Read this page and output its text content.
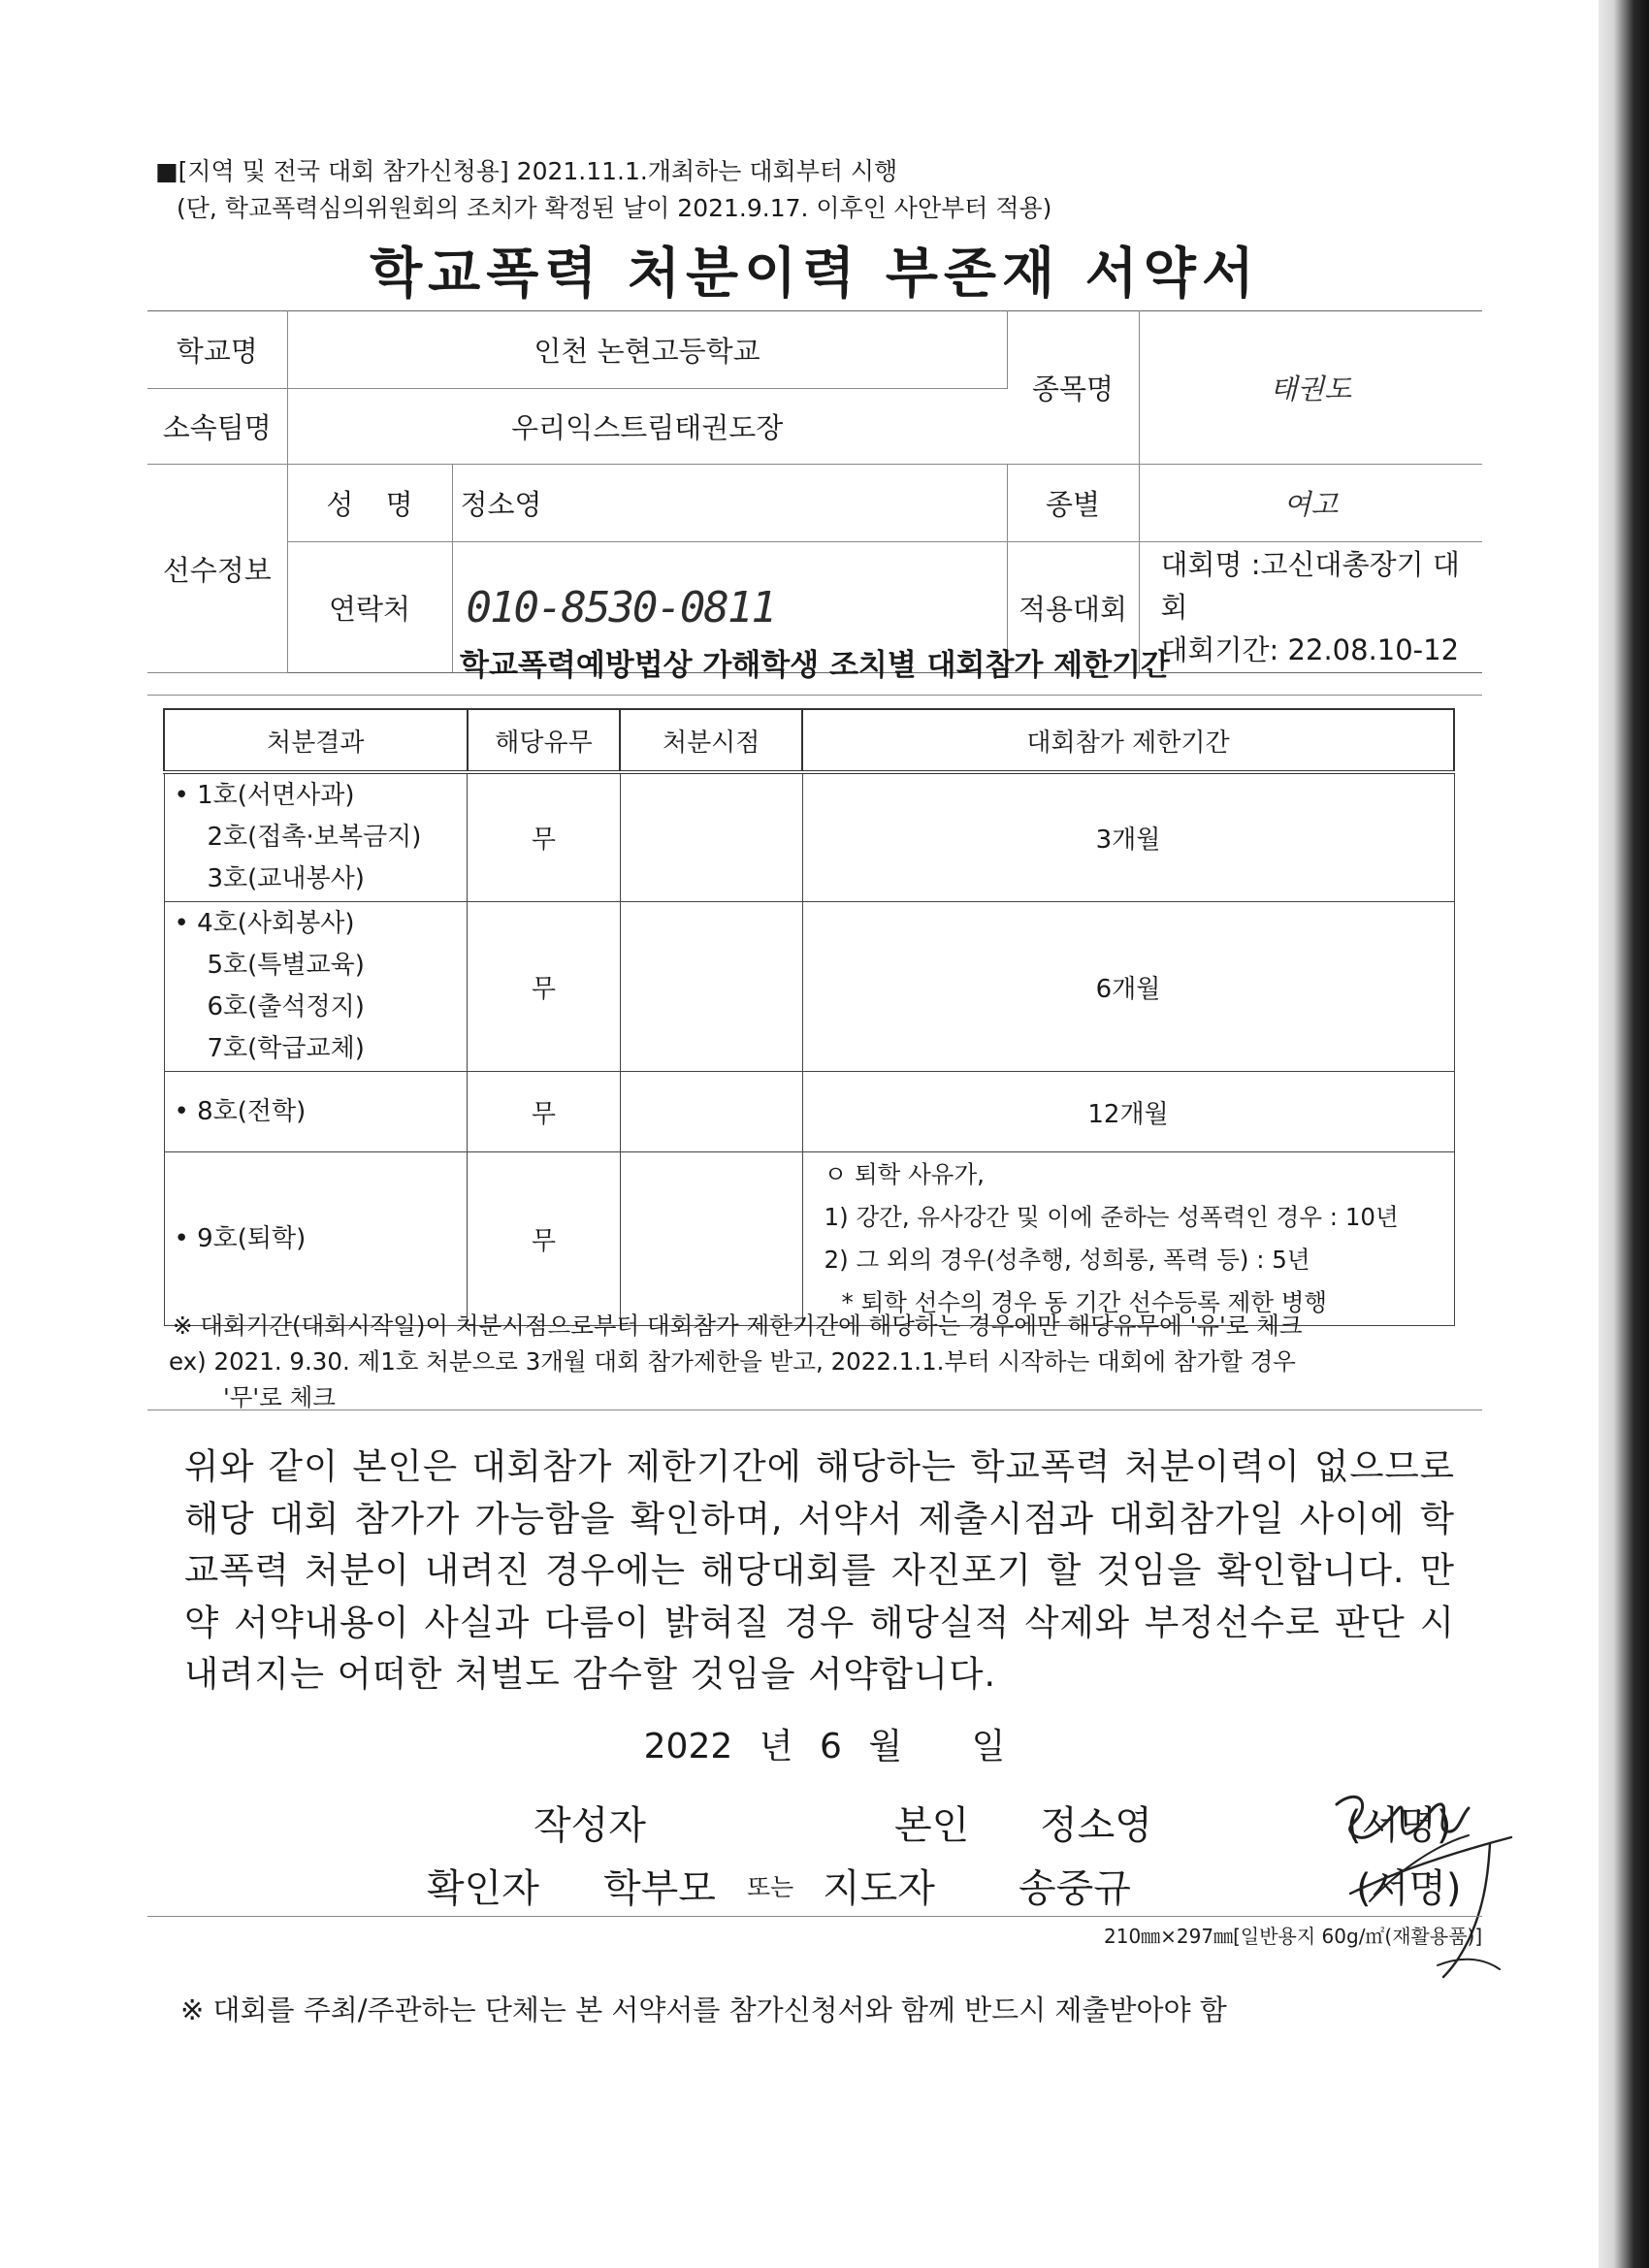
■[지역 및 전국 대회 참가신청용] 2021.11.1.개최하는 대회부터 시행
(단, 학교폭력심의위원회의 조치가 확정된 날이 2021.9.17. 이후인 사안부터 적용)
학교폭력 처분이력 부존재 서약서
학교명	인천 논현고등학교		종목명	태권도
소속팀명	우리익스트림태권도장			
선수정보	성 명	정소영	종별	여고
	연락처	010-8530-0811	적용대회	대회명 :고신대총장기 대회
대회기간: 22.08.10-12
학교폭력예방법상 가해학생 조치별 대회참가 제한기간
처분결과	해당유무	처분시점	대회참가 제한기간

• 1호(서면사과)
2호(접촉·보복금지)
3호(교내봉사)	무		3개월

• 4호(사회봉사)
5호(특별교육)
6호(출석정지)
7호(학급교체)	무		6개월

• 8호(전학)	무		12개월

• 9호(퇴학)	무		ㅇ 퇴학 사유가,
1) 강간, 유사강간 및 이에 준하는 성폭력인 경우 : 10년
2) 그 외의 경우(성추행, 성희롱, 폭력 등) : 5년
* 퇴학 선수의 경우 동 기간 선수등록 제한 병행
※ 대회기간(대회시작일)이 처분시점으로부터 대회참가 제한기간에 해당하는 경우에만 해당유무에 '유'로 체크
ex) 2021. 9.30. 제1호 처분으로 3개월 대회 참가제한을 받고, 2022.1.1.부터 시작하는 대회에 참가할 경우
'무'로 체크
위와 같이 본인은 대회참가 제한기간에 해당하는 학교폭력 처분이력이 없으므로 해당 대회 참가가 가능함을 확인하며, 서약서 제출시점과 대회참가일 사이에 학교폭력 처분이 내려진 경우에는 해당대회를 자진포기 할 것임을 확인합니다. 만약 서약내용이 사실과 다름이 밝혀질 경우 해당실적 삭제와 부정선수로 판단 시 내려지는 어떠한 처벌도 감수할 것임을 서약합니다.
2022 년 6 월 일
작성자	본인 정소영	(서명)
확인자 학부모 또는 지도자 송중규	(서명)
210㎜×297㎜[일반용지 60g/㎡(재활용품)]
※ 대회를 주최/주관하는 단체는 본 서약서를 참가신청서와 함께 반드시 제출받아야 함
